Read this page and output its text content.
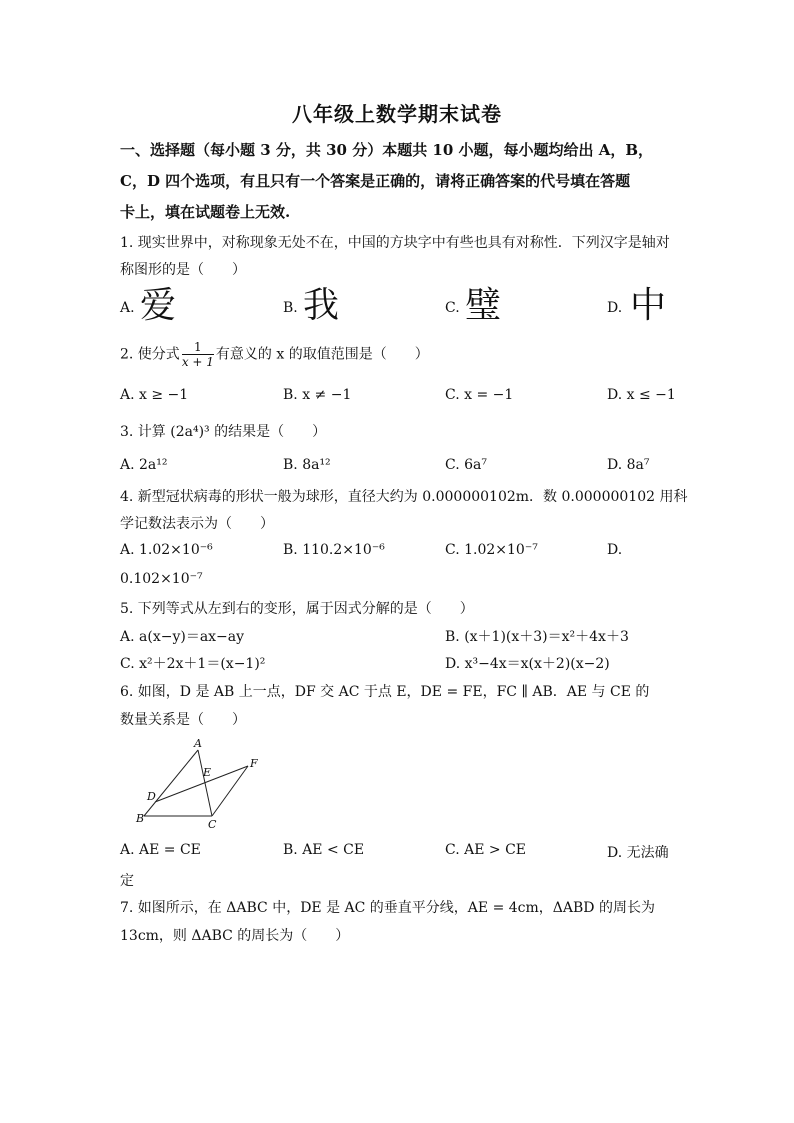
八年级上数学期末试卷
一、选择题（每小题 3 分，共 30 分）本题共 10 小题，每小题均给出 A，B，
C，D 四个选项，有且只有一个答案是正确的，请将正确答案的代号填在答题
卡上，填在试题卷上无效.
1. 现实世界中，对称现象无处不在，中国的方块字中有些也具有对称性．下列汉字是轴对
称图形的是（　　）
A. 爱	B. 我	C. 璧	D. 中
2. 使分式 $\frac{1}{x + 1}$ 有意义的 x 的取值范围是（　　）
A. x ≥ −1	B. x ≠ −1	C. x = −1	D. x ≤ −1
3. 计算 (2a⁴)³ 的结果是（　　）
A. 2a¹²	B. 8a¹²	C. 6a⁷	D. 8a⁷
4. 新型冠状病毒的形状一般为球形，直径大约为 0.000000102m．数 0.000000102 用科
学记数法表示为（　　）
A. 1.02×10⁻⁶	B. 110.2×10⁻⁶	C. 1.02×10⁻⁷	D.
0.102×10⁻⁷
5. 下列等式从左到右的变形，属于因式分解的是（　　）
A. a(x−y)＝ax−ay	B. (x＋1)(x＋3)＝x²＋4x＋3
C. x²＋2x＋1＝(x−1)²	D. x³−4x＝x(x＋2)(x−2)
6. 如图，D 是 AB 上一点，DF 交 AC 于点 E，DE = FE，FC ∥ AB．AE 与 CE 的
数量关系是（　　）
A
B	C
D
E
F
A. AE = CE	B. AE < CE	C. AE > CE	D. 无法确
定
7. 如图所示，在 ΔABC 中，DE 是 AC 的垂直平分线，AE = 4cm，ΔABD 的周长为
13cm，则 ΔABC 的周长为（　　）
